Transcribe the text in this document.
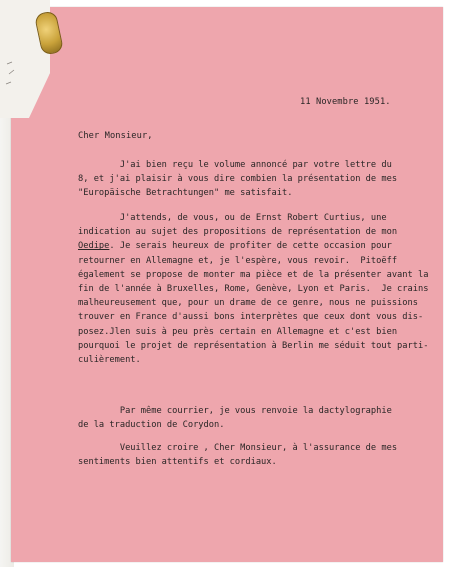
11 Novembre 1951.
Cher Monsieur,
J'ai bien reçu le volume annoncé par votre lettre du
8, et j'ai plaisir à vous dire combien la présentation de mes
"Europäische Betrachtungen" me satisfait.
J'attends, de vous, ou de Ernst Robert Curtius, une
indication au sujet des propositions de représentation de mon
Oedipe. Je serais heureux de profiter de cette occasion pour
retourner en Allemagne et, je l'espère, vous revoir.  Pitoëff
également se propose de monter ma pièce et de la présenter avant la
fin de l'année à Bruxelles, Rome, Genève, Lyon et Paris.  Je crains
malheureusement que, pour un drame de ce genre, nous ne puissions
trouver en France d'aussi bons interprètes que ceux dont vous dis-
posez.Jlen suis à peu près certain en Allemagne et c'est bien
pourquoi le projet de représentation à Berlin me séduit tout parti-
culièrement.
Par même courrier, je vous renvoie la dactylographie
de la traduction de Corydon.
Veuillez croire , Cher Monsieur, à l'assurance de mes
sentiments bien attentifs et cordiaux.
